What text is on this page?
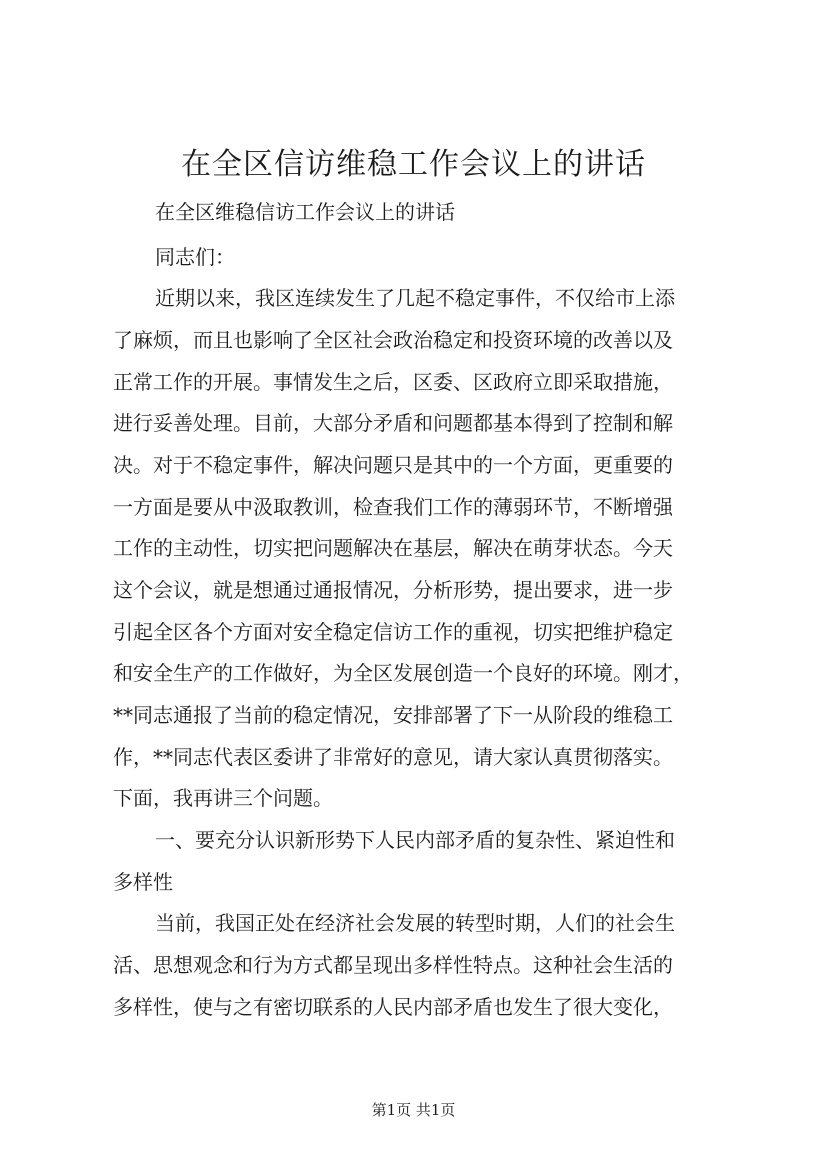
在全区信访维稳工作会议上的讲话
在全区维稳信访工作会议上的讲话
同志们：
近期以来，我区连续发生了几起不稳定事件，不仅给市上添
了麻烦，而且也影响了全区社会政治稳定和投资环境的改善以及
正常工作的开展。事情发生之后，区委、区政府立即采取措施，
进行妥善处理。目前，大部分矛盾和问题都基本得到了控制和解
决。对于不稳定事件，解决问题只是其中的一个方面，更重要的
一方面是要从中汲取教训，检查我们工作的薄弱环节，不断增强
工作的主动性，切实把问题解决在基层，解决在萌芽状态。今天
这个会议，就是想通过通报情况，分析形势，提出要求，进一步
引起全区各个方面对安全稳定信访工作的重视，切实把维护稳定
和安全生产的工作做好，为全区发展创造一个良好的环境。刚才，
**同志通报了当前的稳定情况，安排部署了下一从阶段的维稳工
作，**同志代表区委讲了非常好的意见，请大家认真贯彻落实。
下面，我再讲三个问题。
一、要充分认识新形势下人民内部矛盾的复杂性、紧迫性和
多样性
当前，我国正处在经济社会发展的转型时期，人们的社会生
活、思想观念和行为方式都呈现出多样性特点。这种社会生活的
多样性，使与之有密切联系的人民内部矛盾也发生了很大变化，
第1页 共1页
